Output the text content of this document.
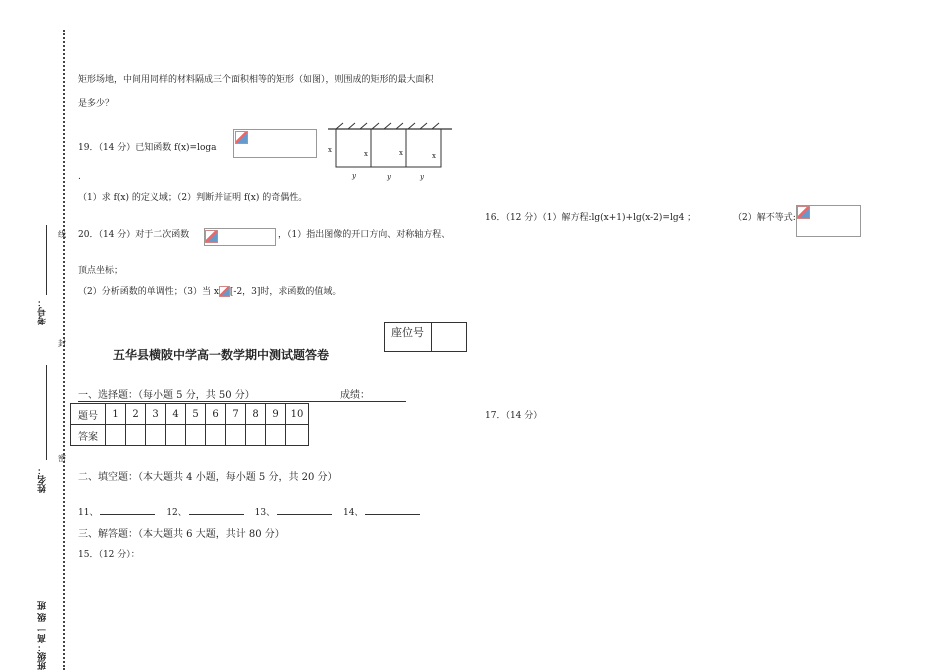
线
封
密
考号：
姓名：
班级：高一 级 班
矩形场地，中间用同样的材料隔成三个面积相等的矩形（如图），则围成的矩形的最大面积
是多少？
19．（14 分）已知函数 f(x)=loga
.
（1）求 f(x) 的定义域；（2）判断并证明 f(x) 的奇偶性。
x	x	x	x
y	y	y
20．（14 分）对于二次函数	，（1）指出图像的开口方向、对称轴方程、
顶点坐标；
（2）分析函数的单调性；（3）当 x [-2，3]时，求函数的值域。
座位号
五华县横陂中学高一数学期中测试题答卷
一、选择题：（每小题 5 分，共 50 分）	成绩：
题号	1	2	3	4	5	6	7	8	9	10
答案										
二、填空题：（本大题共 4 小题，每小题 5 分，共 20 分）
11、	12、	13、	14、
三、解答题：（本大题共 6 大题，共计 80 分）
15．（12 分）：
16．（12 分）（1）解方程:lg(x+1)+lg(x-2)=lg4 ；	（2）解不等式:
17．（14 分）
